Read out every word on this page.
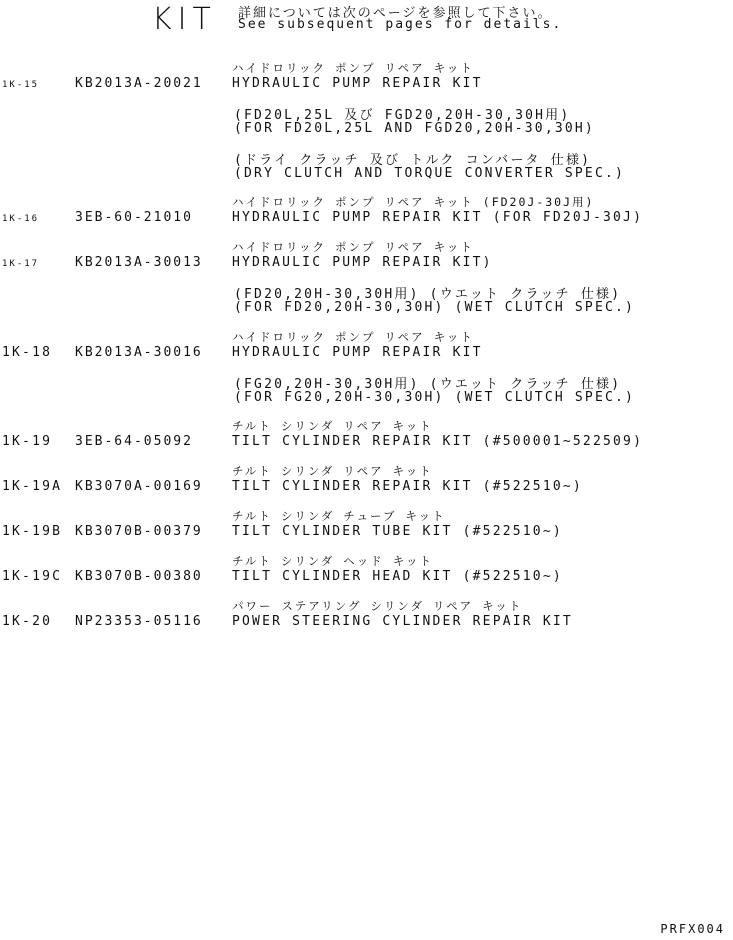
KIT 詳細については次のページを参照して下さい。
See subsequent pages for details.
ハイドロリック ポンプ リペア キット
1K-15	KB2013A-20021 HYDRAULIC PUMP REPAIR KIT
(FD20L,25L 及び FGD20,20H-30,30H用)
(FOR FD20L,25L AND FGD20,20H-30,30H)
(ドライ クラッチ 及び トルク コンバータ 仕様)
(DRY CLUTCH AND TORQUE CONVERTER SPEC.)
ハイドロリック ポンプ リペア キット (FD20J-30J用)
1K-16	3EB-60-21010	HYDRAULIC PUMP REPAIR KIT (FOR FD20J-30J)
ハイドロリック ポンプ リペア キット
1K-17	KB2013A-30013 HYDRAULIC PUMP REPAIR KIT)
(FD20,20H-30,30H用) (ウエット クラッチ 仕様)
(FOR FD20,20H-30,30H) (WET CLUTCH SPEC.)
ハイドロリック ポンプ リペア キット
1K-18 KB2013A-30016 HYDRAULIC PUMP REPAIR KIT
(FG20,20H-30,30H用) (ウエット クラッチ 仕様)
(FOR FG20,20H-30,30H) (WET CLUTCH SPEC.)
チルト シリンダ リペア キット
1K-19 3EB-64-05092	TILT CYLINDER REPAIR KIT (#500001~522509)
チルト シリンダ リペア キット
1K-19A KB3070A-00169 TILT CYLINDER REPAIR KIT (#522510~)
チルト シリンダ チューブ キット
1K-19B KB3070B-00379 TILT CYLINDER TUBE KIT (#522510~)
チルト シリンダ ヘッド キット
1K-19C KB3070B-00380 TILT CYLINDER HEAD KIT (#522510~)
パワー ステアリング シリンダ リペア キット
1K-20 NP23353-05116 POWER STEERING CYLINDER REPAIR KIT
PRFX004
